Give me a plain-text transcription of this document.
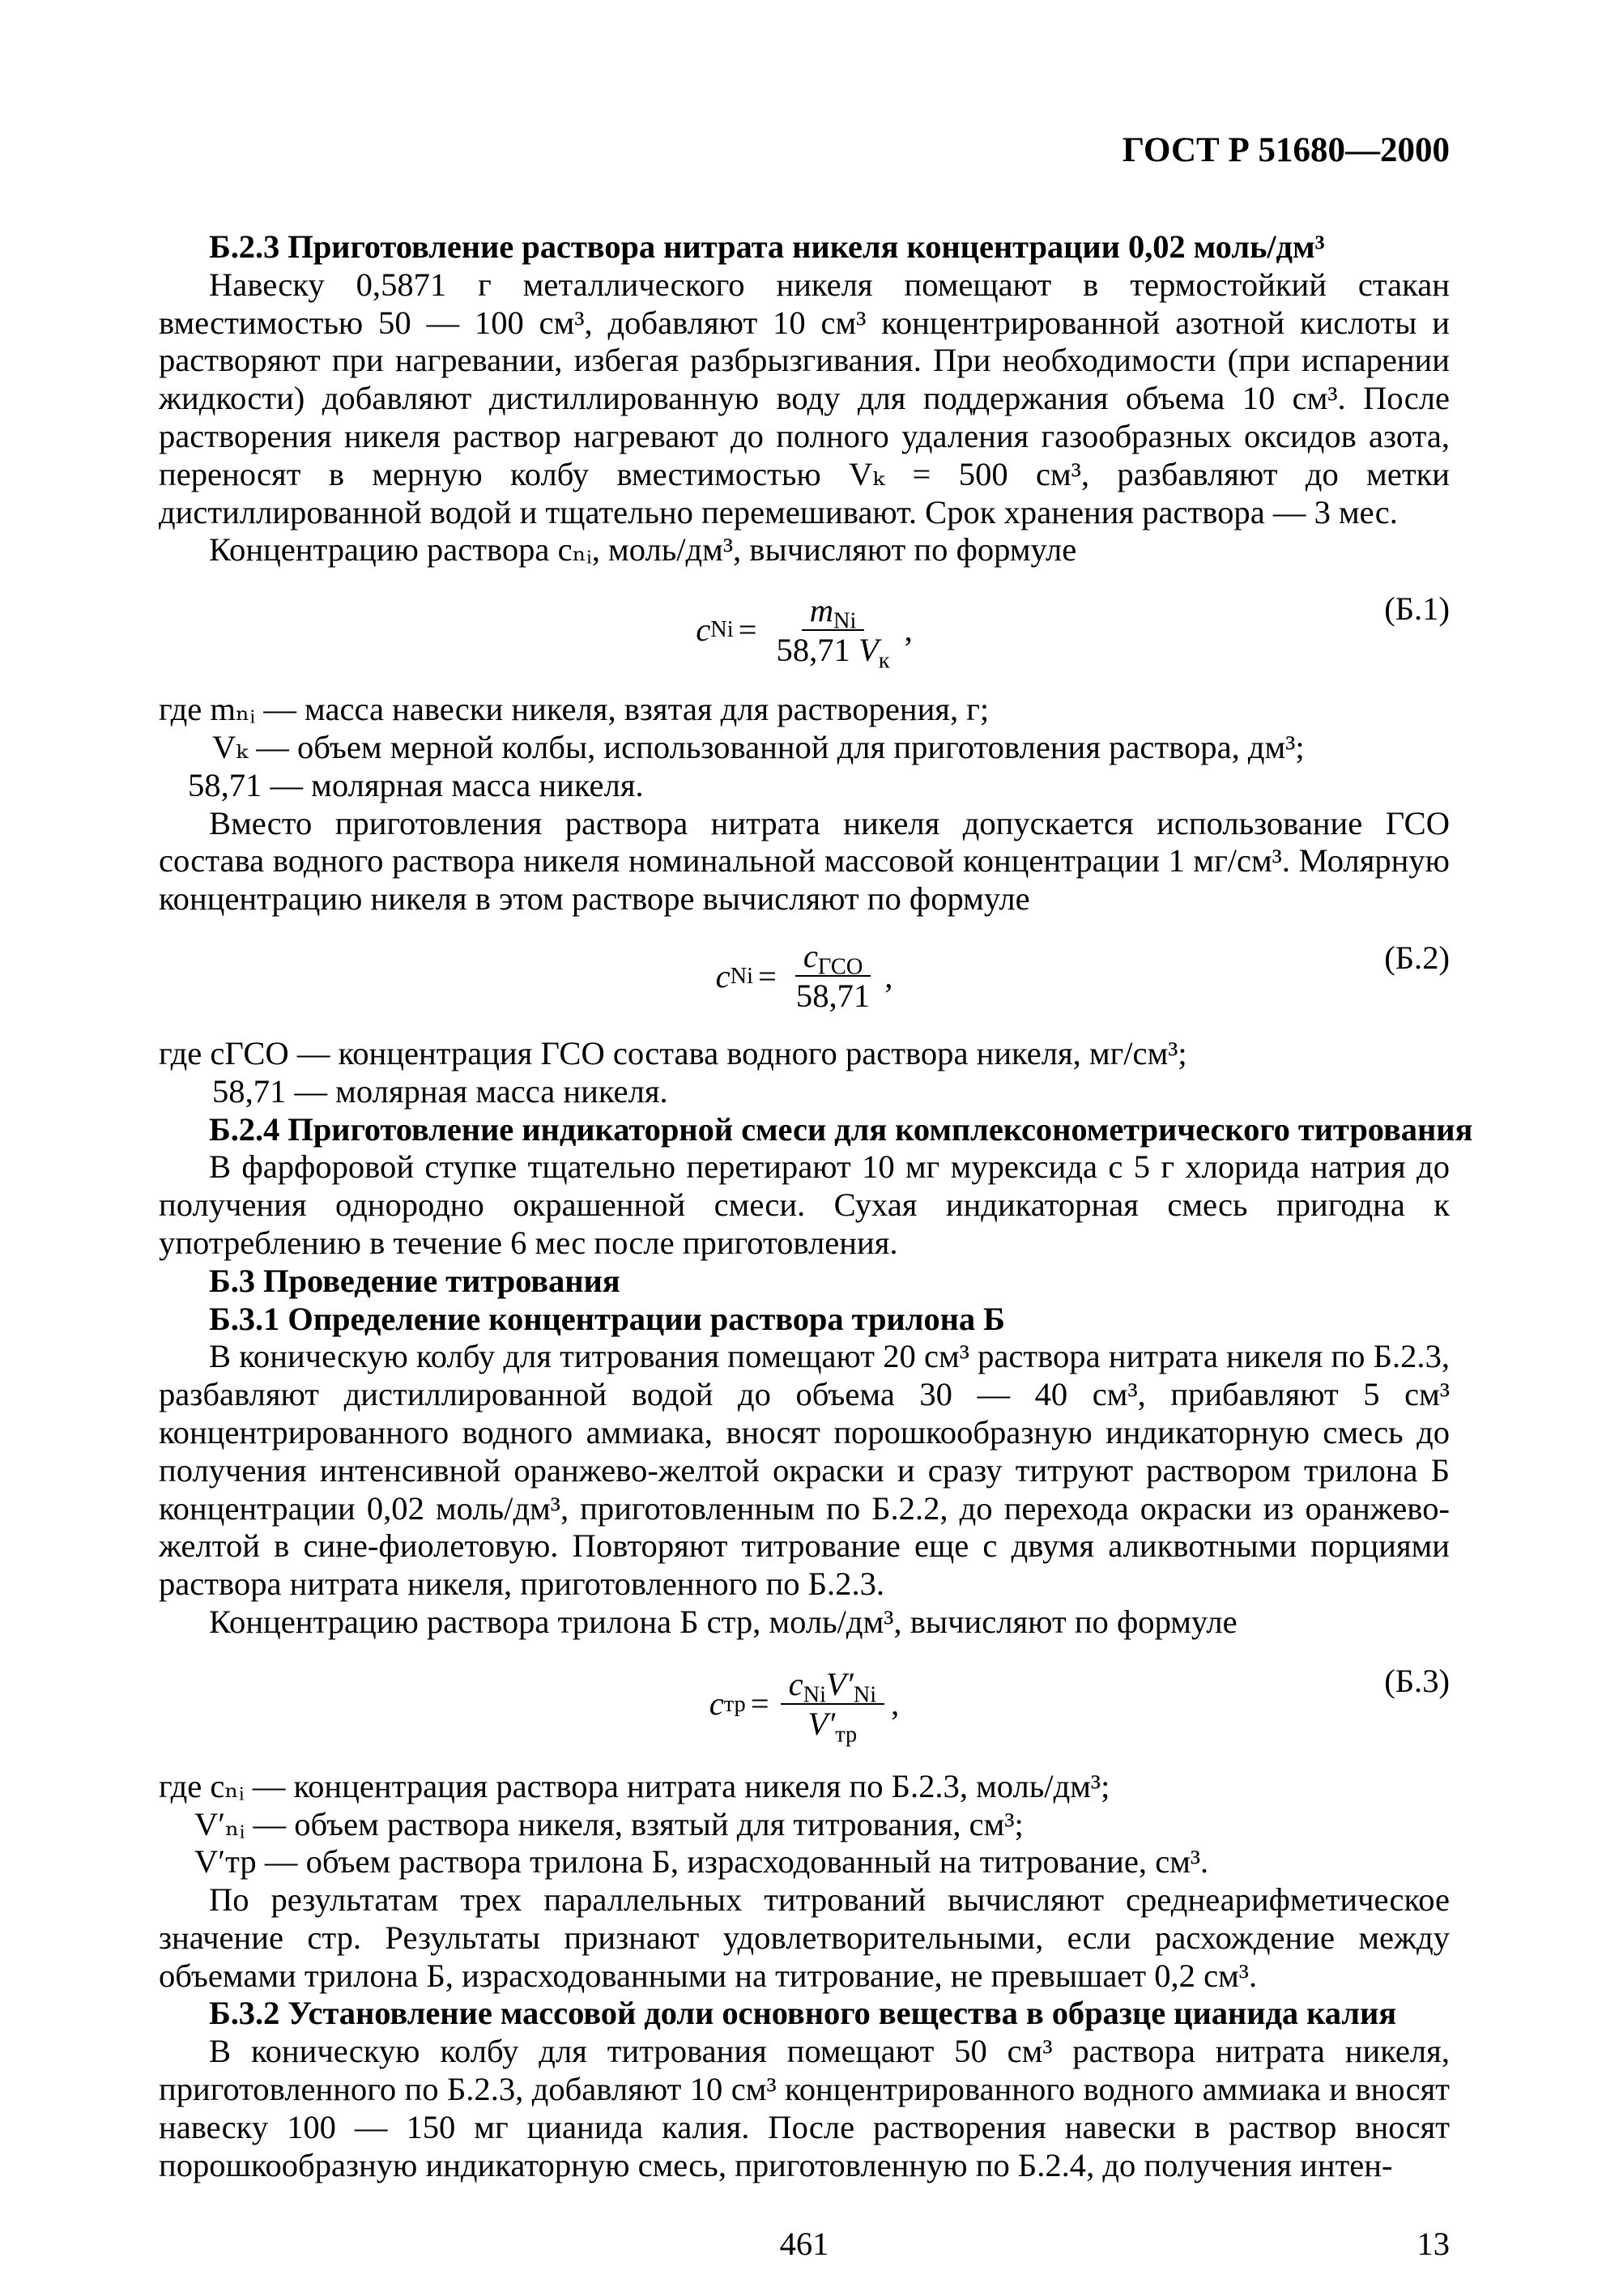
ГОСТ Р 51680—2000
Б.2.3 Приготовление раствора нитрата никеля концентрации 0,02 моль/дм³

Навеску 0,5871 г металлического никеля помещают в термостойкий стакан вместимостью 50 — 100 см³, добавляют 10 см³ концентрированной азотной кислоты и растворяют при нагревании, избегая разбрызгивания. При необходимости (при испарении жидкости) добавляют дистиллированную воду для поддержания объема 10 см³. После растворения никеля раствор нагревают до полного удаления газообразных оксидов азота, переносят в мерную колбу вместимостью Vₖ = 500 см³, разбавляют до метки дистиллированной водой и тщательно перемешивают. Срок хранения раствора — 3 мес.

Концентрацию раствора cₙᵢ, моль/дм³, вычисляют по формуле

c $Ni = \frac{m_{Ni}}{58,71 V_к}$ ,
(Б.1)

где mₙᵢ — масса навески никеля, взятая для растворения, г;

Vₖ — объем мерной колбы, использованной для приготовления раствора, дм³;

58,71 — молярная масса никеля.

Вместо приготовления раствора нитрата никеля допускается использование ГСО состава водного раствора никеля номинальной массовой концентрации 1 мг/см³. Молярную концентрацию никеля в этом растворе вычисляют по формуле

c $Ni = \frac{c_{ГСО}}{58,71}$ ,
(Б.2)

где cГСО — концентрация ГСО состава водного раствора никеля, мг/см³;

58,71 — молярная масса никеля.

Б.2.4 Приготовление индикаторной смеси для комплексонометрического титрования

В фарфоровой ступке тщательно перетирают 10 мг мурексида с 5 г хлорида натрия до получения однородно окрашенной смеси. Сухая индикаторная смесь пригодна к употреблению в течение 6 мес после приготовления.

Б.3 Проведение титрования
Б.3.1 Определение концентрации раствора трилона Б

В коническую колбу для титрования помещают 20 см³ раствора нитрата никеля по Б.2.3, разбавляют дистиллированной водой до объема 30 — 40 см³, прибавляют 5 см³ концентрированного водного аммиака, вносят порошкообразную индикаторную смесь до получения интенсивной оранжево-желтой окраски и сразу титруют раствором трилона Б концентрации 0,02 моль/дм³, приготовленным по Б.2.2, до перехода окраски из оранжево-желтой в сине-фиолетовую. Повторяют титрование еще с двумя аликвотными порциями раствора нитрата никеля, приготовленного по Б.2.3.

Концентрацию раствора трилона Б cтр, моль/дм³, вычисляют по формуле

c тр = $\frac{c_{Ni}V'_{Ni}}{V'_{тр}}$ ,
(Б.3)

где cₙᵢ — концентрация раствора нитрата никеля по Б.2.3, моль/дм³;

V′ₙᵢ — объем раствора никеля, взятый для титрования, см³;

V′тр — объем раствора трилона Б, израсходованный на титрование, см³.

По результатам трех параллельных титрований вычисляют среднеарифметическое значение cтр. Результаты признают удовлетворительными, если расхождение между объемами трилона Б, израсходованными на титрование, не превышает 0,2 см³.

Б.3.2 Установление массовой доли основного вещества в образце цианида калия

В коническую колбу для титрования помещают 50 см³ раствора нитрата никеля, приготовленного по Б.2.3, добавляют 10 см³ концентрированного водного аммиака и вносят навеску 100 — 150 мг цианида калия. После растворения навески в раствор вносят порошкообразную индикаторную смесь, приготовленную по Б.2.4, до получения интен-

461	13
